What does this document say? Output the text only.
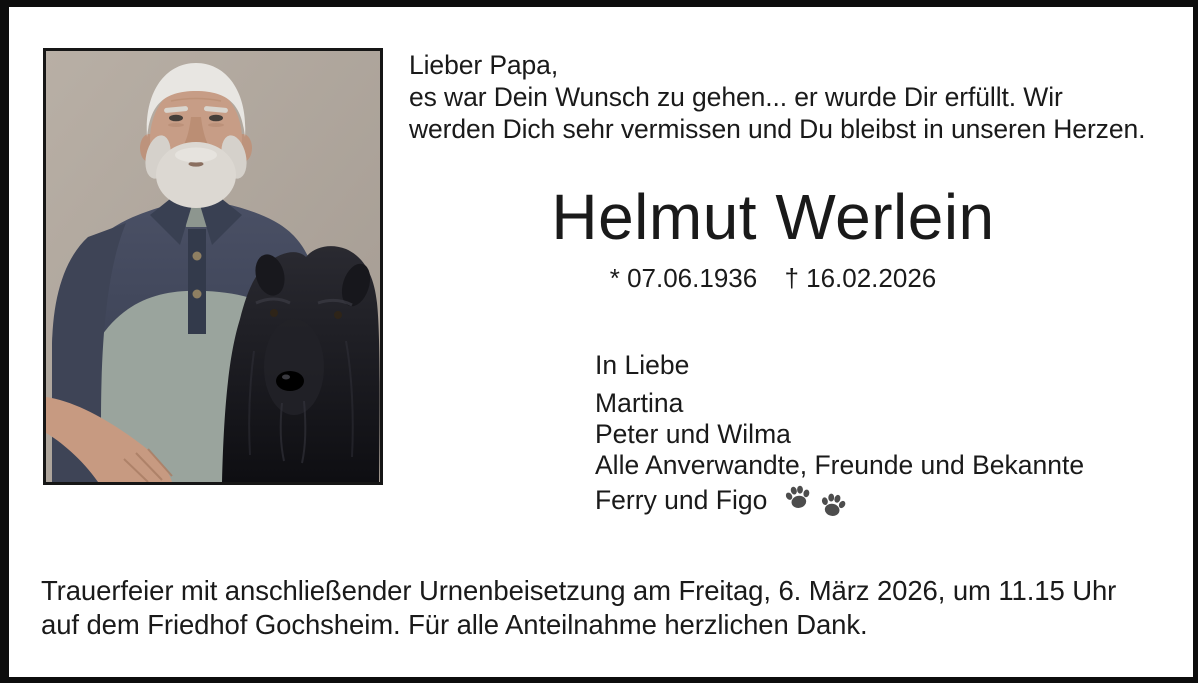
Lieber Papa,
es war Dein Wunsch zu gehen... er wurde Dir erfüllt. Wir
werden Dich sehr vermissen und Du bleibst in unseren Herzen.
Helmut Werlein
* 07.06.1936 † 16.02.2026
In Liebe
Martina
Peter und Wilma
Alle Anverwandte, Freunde und Bekannte
Ferry und Figo
Trauerfeier mit anschließender Urnenbeisetzung am Freitag, 6. März 2026, um 11.15 Uhr
auf dem Friedhof Gochsheim. Für alle Anteilnahme herzlichen Dank.
